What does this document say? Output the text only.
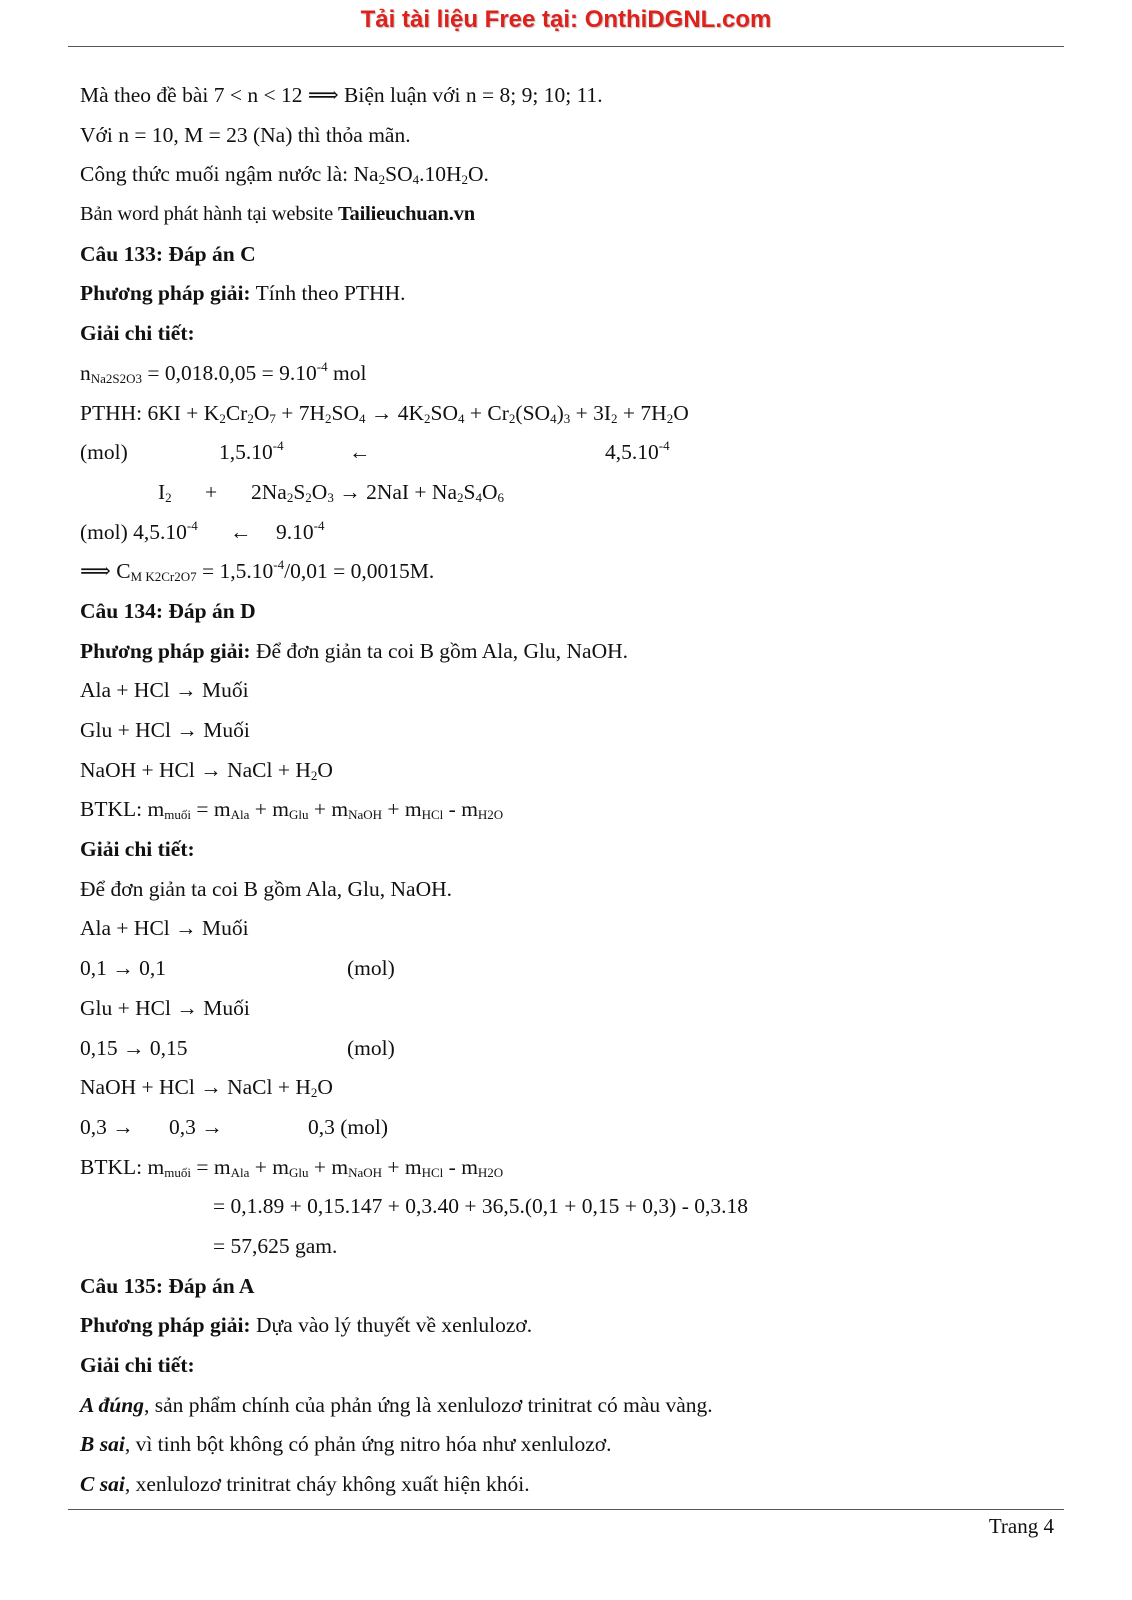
Tải tài liệu Free tại: OnthiDGNL.com
Mà theo đề bài 7 < n < 12 ⟹ Biện luận với n = 8; 9; 10; 11.
Với n = 10, M = 23 (Na) thì thỏa mãn.
Công thức muối ngậm nước là: $Na_2SO_4.10H_2O$.
Bản word phát hành tại website Tailieuchuan.vn
Câu 133: Đáp án C
Phương pháp giải: Tính theo PTHH.
Giải chi tiết:
$n_{Na2S2O3} = 0,018.0,05 = 9.10^{-4}$ mol
PTHH: $6KI + K_2Cr_2O_7 + 7H_2SO_4 \to 4K_2SO_4 + Cr_2(SO_4)_3 + 3I_2 + 7H_2O$
(mol)	$1,5.10^{-4}$	←	$4,5.10^{-4}$
$I_2 + 2Na_2S_2O_3 \to 2NaI + Na_2S_4O_6$
(mol) $4,5.10^{-4}$ ← $9.10^{-4}$
⟹ $C_{M K2Cr2O7} = 1,5.10^{-4}/0,01 = 0,0015M$.
Câu 134: Đáp án D
Phương pháp giải: Để đơn giản ta coi B gồm Ala, Glu, NaOH.
Ala + HCl → Muối
Glu + HCl → Muối
NaOH + HCl → NaCl + $H_2O$
BTKL: $m_{muối} = m_{Ala} + m_{Glu} + m_{NaOH} + m_{HCl} - m_{H2O}$
Giải chi tiết:
Để đơn giản ta coi B gồm Ala, Glu, NaOH.
Ala + HCl → Muối
0,1 → 0,1	(mol)
Glu + HCl → Muối
0,15 → 0,15	(mol)
NaOH + HCl → NaCl + $H_2O$
0,3 → 0,3 →	0,3 (mol)
BTKL: $m_{muối} = m_{Ala} + m_{Glu} + m_{NaOH} + m_{HCl} - m_{H2O}$
= 0,1.89 + 0,15.147 + 0,3.40 + 36,5.(0,1 + 0,15 + 0,3) - 0,3.18
= 57,625 gam.
Câu 135: Đáp án A
Phương pháp giải: Dựa vào lý thuyết về xenlulozơ.
Giải chi tiết:
A đúng, sản phẩm chính của phản ứng là xenlulozơ trinitrat có màu vàng.
B sai, vì tinh bột không có phản ứng nitro hóa như xenlulozơ.
C sai, xenlulozơ trinitrat cháy không xuất hiện khói.
Trang 4
